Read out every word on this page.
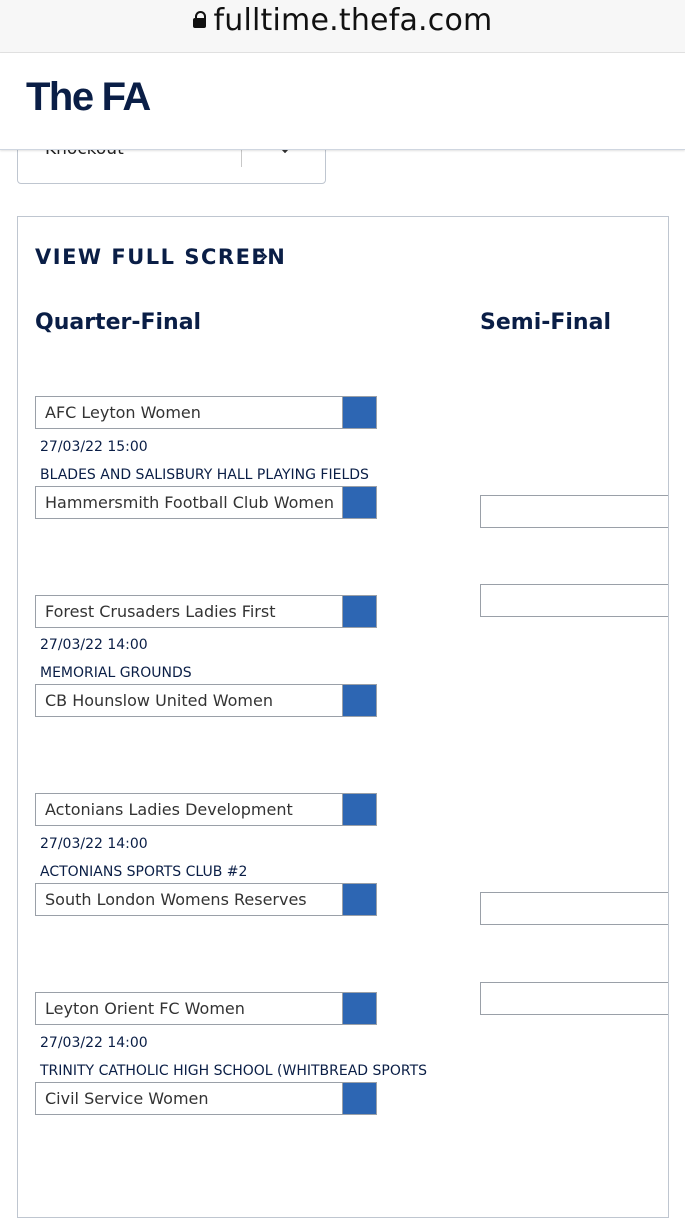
fulltime.thefa.com
The FA
VIEW FULL SCREEN
Quarter-Final	Semi-Final
AFC Leyton Women
27/03/22 15:00
BLADES AND SALISBURY HALL PLAYING FIELDS
Hammersmith Football Club Women
Forest Crusaders Ladies First
27/03/22 14:00
MEMORIAL GROUNDS
CB Hounslow United Women
Actonians Ladies Development
27/03/22 14:00
ACTONIANS SPORTS CLUB #2
South London Womens Reserves
Leyton Orient FC Women
27/03/22 14:00
TRINITY CATHOLIC HIGH SCHOOL (WHITBREAD SPORTS
Civil Service Women
